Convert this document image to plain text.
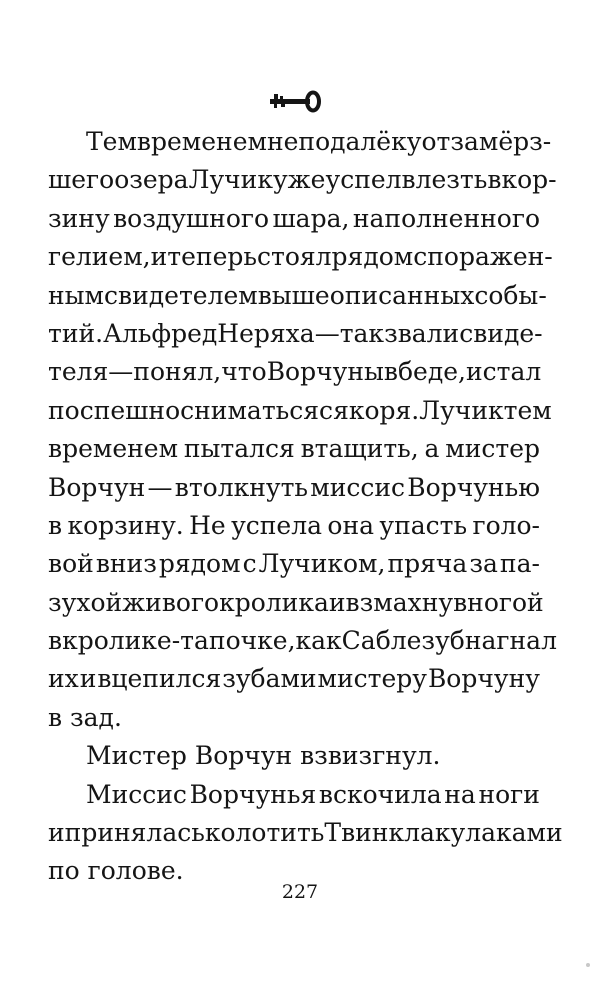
Тем временем неподалёку от замёрз-
шего озера Лучик уже успел влезть в кор-
зину воздушного шара, наполненного
гелием, и теперь стоял рядом с поражен-
ным свидетелем вышеописанных собы-
тий. Альфред Неряха — так звали свиде-
теля — понял, что Ворчуны в беде, и стал
поспешно сниматься с якоря. Лучик тем
временем пытался втащить, а мистер
Ворчун — втолкнуть миссис Ворчунью
в корзину. Не успела она упасть голо-
вой вниз рядом с Лучиком, пряча за па-
зухой живого кролика и взмахнув ногой
в кролике-тапочке, как Саблезуб нагнал
их и вцепился зубами мистеру Ворчуну
в зад.
Мистер Ворчун взвизгнул.
Миссис Ворчунья вскочила на ноги
и принялась колотить Твинкла кулаками
по голове.
227
